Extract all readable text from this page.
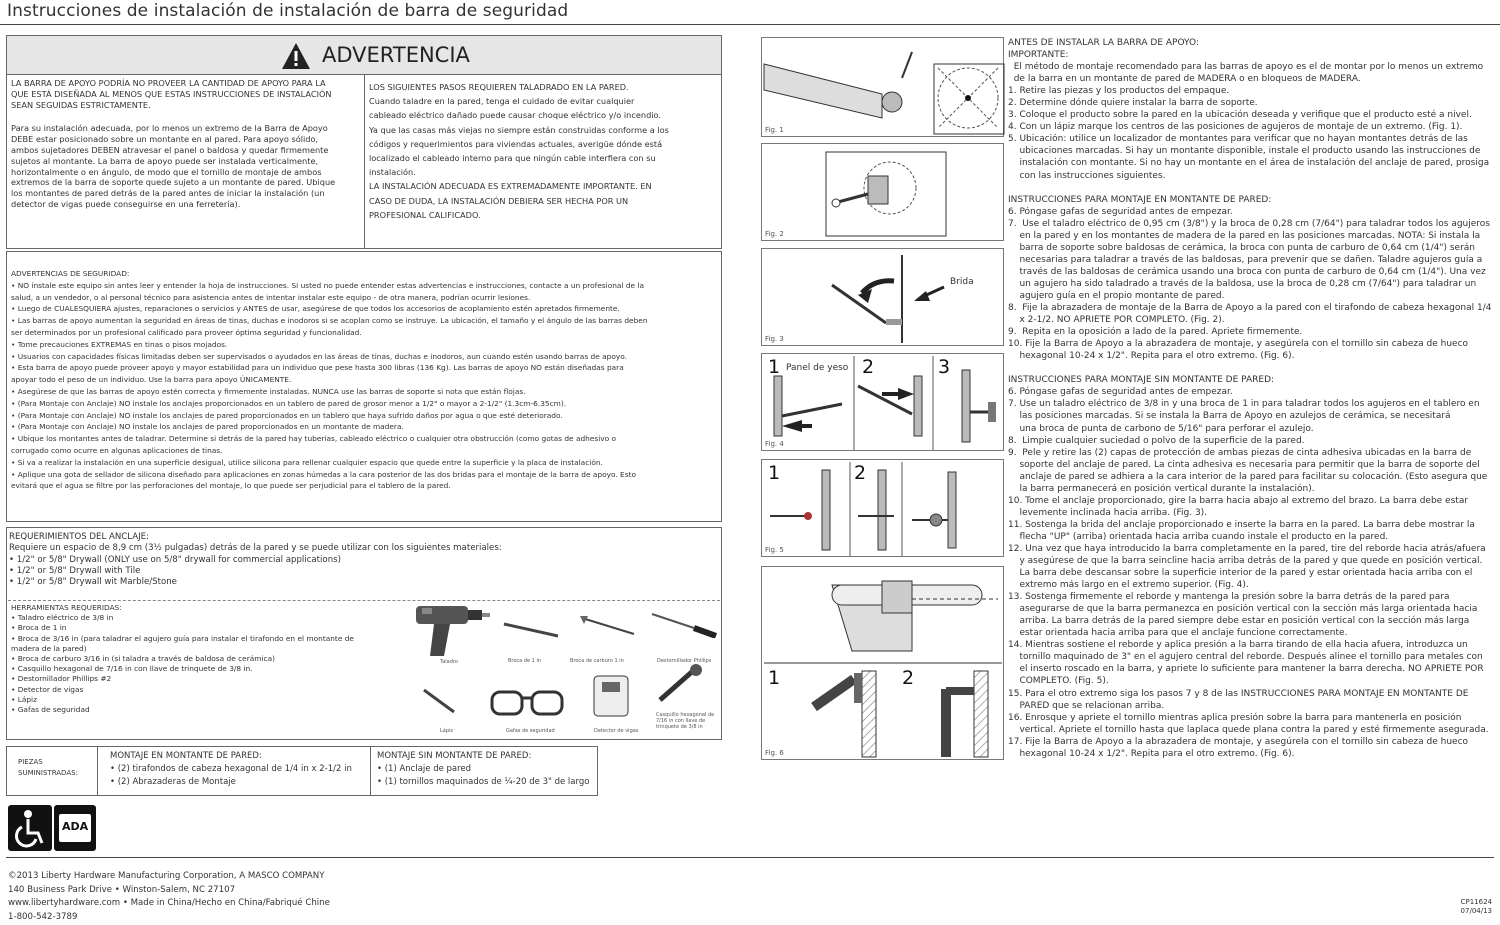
Instrucciones de instalación de instalación de barra de seguridad
ADVERTENCIA
LA BARRA DE APOYO PODRÍA NO PROVEER LA CANTIDAD DE APOYO PARA LA
QUE ESTÁ DISEÑADA AL MENOS QUE ESTAS INSTRUCCIONES DE INSTALACIÓN
SEAN SEGUIDAS ESTRICTAMENTE.
Para su instalación adecuada, por lo menos un extremo de la Barra de Apoyo
DEBE estar posicionado sobre un montante en al pared. Para apoyo sólido,
ambos sujetadores DEBEN atravesar el panel o baldosa y quedar firmemente
sujetos al montante. La barra de apoyo puede ser instalada verticalmente,
horizontalmente o en ángulo, de modo que el tornillo de montaje de ambos
extremos de la barra de soporte quede sujeto a un montante de pared. Ubique
los montantes de pared detrás de la pared antes de iniciar la instalación (un
detector de vigas puede conseguirse en una ferretería).
LOS SIGUIENTES PASOS REQUIEREN TALADRADO EN LA PARED.
Cuando taladre en la pared, tenga el cuidado de evitar cualquier
cableado eléctrico dañado puede causar choque eléctrico y/o incendio.
Ya que las casas más viejas no siempre están construidas conforme a los
códigos y requerimientos para viviendas actuales, averigüe dónde está
localizado el cableado interno para que ningún cable interfiera con su
instalación.
LA INSTALACIÓN ADECUADA ES EXTREMADAMENTE IMPORTANTE. EN
CASO DE DUDA, LA INSTALACIÓN DEBIERA SER HECHA POR UN
PROFESIONAL CALIFICADO.
ADVERTENCIAS DE SEGURIDAD:
• NO instale este equipo sin antes leer y entender la hoja de instrucciones. Si usted no puede entender estas advertencias e instrucciones, contacte a un profesional de la
salud, a un vendedor, o al personal técnico para asistencia antes de intentar instalar este equipo - de otra manera, podrían ocurrir lesiones.
• Luego de CUALESQUIERA ajustes, reparaciones o servicios y ANTES de usar, asegúrese de que todos los accesorios de acoplamiento estén apretados firmemente.
• Las barras de apoyo aumentan la seguridad en áreas de tinas, duchas e inodoros si se acoplan como se instruye. La ubicación, el tamaño y el ángulo de las barras deben
ser determinados por un profesional calificado para proveer óptima seguridad y funcionalidad.
• Tome precauciones EXTREMAS en tinas o pisos mojados.
• Usuarios con capacidades físicas limitadas deben ser supervisados o ayudados en las áreas de tinas, duchas e inodoros, aun cuando estén usando barras de apoyo.
• Esta barra de apoyo puede proveer apoyo y mayor estabilidad para un individuo que pese hasta 300 libras (136 Kg). Las barras de apoyo NO están diseñadas para
apoyar todo el peso de un individuo. Use la barra para apoyo ÚNICAMENTE.
• Asegúrese de que las barras de apoyo estén correcta y firmemente instaladas. NUNCA use las barras de soporte si nota que están flojas.
• (Para Montaje con Anclaje) NO instale los anclajes proporcionados en un tablero de pared de grosor menor a 1/2" o mayor a 2-1/2" (1.3cm-6.35cm).
• (Para Montaje con Anclaje) NO instale los anclajes de pared proporcionados en un tablero que haya sufrido daños por agua o que esté deteriorado.
• (Para Montaje con Anclaje) NO instale los anclajes de pared proporcionados en un montante de madera.
• Ubique los montantes antes de taladrar. Determine si detrás de la pared hay tuberías, cableado eléctrico o cualquier otra obstrucción (como gotas de adhesivo o
corrugado como ocurre en algunas aplicaciones de tinas.
• Si va a realizar la instalación en una superficie desigual, utilice silicona para rellenar cualquier espacio que quede entre la superficie y la placa de instalación.
• Aplique una gota de sellador de silicona diseñado para aplicaciones en zonas húmedas a la cara posterior de las dos bridas para el montaje de la barra de apoyo. Esto
evitará que el agua se filtre por las perforaciones del montaje, lo que puede ser perjudicial para el tablero de la pared.
REQUERIMIENTOS DEL ANCLAJE:
Requiere un espacio de 8,9 cm (3½ pulgadas) detrás de la pared y se puede utilizar con los siguientes materiales:
• 1/2" or 5/8" Drywall (ONLY use on 5/8" drywall for commercial applications)
• 1/2" or 5/8" Drywall with Tile
• 1/2" or 5/8" Drywall wit Marble/Stone
HERRAMIENTAS REQUERIDAS:
• Taladro eléctrico de 3/8 in
• Broca de 1 in
• Broca de 3/16 in (para taladrar el agujero guía para instalar el tirafondo en el montante de
madera de la pared)
• Broca de carburo 3/16 in (si taladra a través de baldosa de cerámica)
• Casquillo hexagonal de 7/16 in con llave de trinquete de 3/8 in.
• Destornillador Phillips #2
• Detector de vigas
• Lápiz
• Gafas de seguridad
Taladro	Broca de 1 in	Broca de carburo 1 in	Destornillador Phillips
Lápiz	Gafas de seguridad	Detector de vigas
Casquillo hexagonal de 7/16 in con llave de trinquete de 3/8 in
PIEZAS
SUMINISTRADAS:
MONTAJE EN MONTANTE DE PARED:
• (2) tirafondos de cabeza hexagonal de 1/4 in x 2-1/2 in
• (2) Abrazaderas de Montaje
MONTAJE SIN MONTANTE DE PARED:
• (1) Anclaje de pared
• (1) tornillos maquinados de ¼-20 de 3" de largo
ADA
©2013 Liberty Hardware Manufacturing Corporation, A MASCO COMPANY
140 Business Park Drive • Winston-Salem, NC 27107
www.libertyhardware.com • Made in China/Hecho en China/Fabriqué Chine
1-800-542-3789
CP11624
07/04/13
Fig. 1
Fig. 2
Brida
Fig. 3
1 Panel de yeso 2	3
Fig. 4
1	2
Fig. 5
1	2
Fig. 6
ANTES DE INSTALAR LA BARRA DE APOYO:
IMPORTANTE:
El método de montaje recomendado para las barras de apoyo es el de montar por lo menos un extremo
de la barra en un montante de pared de MADERA o en bloqueos de MADERA.
1. Retire las piezas y los productos del empaque.
2. Determine dónde quiere instalar la barra de soporte.
3. Coloque el producto sobre la pared en la ubicación deseada y verifique que el producto esté a nivel.
4. Con un lápiz marque los centros de las posiciones de agujeros de montaje de un extremo. (Fig. 1).
5. Ubicación: utilice un localizador de montantes para verificar que no hayan montantes detrás de las
ubicaciones marcadas. Si hay un montante disponible, instale el producto usando las instrucciones de
instalación con montante. Si no hay un montante en el área de instalación del anclaje de pared, prosiga
con las instrucciones siguientes.
INSTRUCCIONES PARA MONTAJE EN MONTANTE DE PARED:
6. Póngase gafas de seguridad antes de empezar.
7.  Use el taladro eléctrico de 0,95 cm (3/8") y la broca de 0,28 cm (7/64") para taladrar todos los agujeros
en la pared y en los montantes de madera de la pared en las posiciones marcadas. NOTA: Si instala la
barra de soporte sobre baldosas de cerámica, la broca con punta de carburo de 0,64 cm (1/4") serán
necesarias para taladrar a través de las baldosas, para prevenir que se dañen. Taladre agujeros guía a
través de las baldosas de cerámica usando una broca con punta de carburo de 0,64 cm (1/4"). Una vez
un agujero ha sido taladrado a través de la baldosa, use la broca de 0,28 cm (7/64") para taladrar un
agujero guía en el propio montante de pared.
8.  Fije la abrazadera de montaje de la Barra de Apoyo a la pared con el tirafondo de cabeza hexagonal 1/4
x 2-1/2. NO APRIETE POR COMPLETO. (Fig. 2).
9.  Repita en la oposición a lado de la pared. Apriete firmemente.
10. Fije la Barra de Apoyo a la abrazadera de montaje, y asegúrela con el tornillo sin cabeza de hueco
hexagonal 10-24 x 1/2". Repita para el otro extremo. (Fig. 6).
INSTRUCCIONES PARA MONTAJE SIN MONTANTE DE PARED:
6. Póngase gafas de seguridad antes de empezar.
7. Use un taladro eléctrico de 3/8 in y una broca de 1 in para taladrar todos los agujeros en el tablero en
las posiciones marcadas. Si se instala la Barra de Apoyo en azulejos de cerámica, se necesitará
una broca de punta de carbono de 5/16" para perforar el azulejo.
8.  Limpie cualquier suciedad o polvo de la superficie de la pared.
9.  Pele y retire las (2) capas de protección de ambas piezas de cinta adhesiva ubicadas en la barra de
soporte del anclaje de pared. La cinta adhesiva es necesaria para permitir que la barra de soporte del
anclaje de pared se adhiera a la cara interior de la pared para facilitar su colocación. (Esto asegura que
la barra permanecerá en posición vertical durante la instalación).
10. Tome el anclaje proporcionado, gire la barra hacia abajo al extremo del brazo. La barra debe estar
levemente inclinada hacia arriba. (Fig. 3).
11. Sostenga la brida del anclaje proporcionado e inserte la barra en la pared. La barra debe mostrar la
flecha "UP" (arriba) orientada hacia arriba cuando instale el producto en la pared.
12. Una vez que haya introducido la barra completamente en la pared, tire del reborde hacia atrás/afuera
y asegúrese de que la barra seincline hacia arriba detrás de la pared y que quede en posición vertical.
La barra debe descansar sobre la superficie interior de la pared y estar orientada hacia arriba con el
extremo más largo en el extremo superior. (Fig. 4).
13. Sostenga firmemente el reborde y mantenga la presión sobre la barra detrás de la pared para
asegurarse de que la barra permanezca en posición vertical con la sección más larga orientada hacia
arriba. La barra detrás de la pared siempre debe estar en posición vertical con la sección más larga
estar orientada hacia arriba para que el anclaje funcione correctamente.
14. Mientras sostiene el reborde y aplica presión a la barra tirando de ella hacia afuera, introduzca un
tornillo maquinado de 3" en el agujero central del reborde. Después alinee el tornillo para metales con
el inserto roscado en la barra, y apriete lo suficiente para mantener la barra derecha. NO APRIETE POR
COMPLETO. (Fig. 5).
15. Para el otro extremo siga los pasos 7 y 8 de las INSTRUCCIONES PARA MONTAJE EN MONTANTE DE
PARED que se relacionan arriba.
16. Enrosque y apriete el tornillo mientras aplica presión sobre la barra para mantenerla en posición
vertical. Apriete el tornillo hasta que laplaca quede plana contra la pared y esté firmemente asegurada.
17. Fije la Barra de Apoyo a la abrazadera de montaje, y asegúrela con el tornillo sin cabeza de hueco
hexagonal 10-24 x 1/2". Repita para el otro extremo. (Fig. 6).
